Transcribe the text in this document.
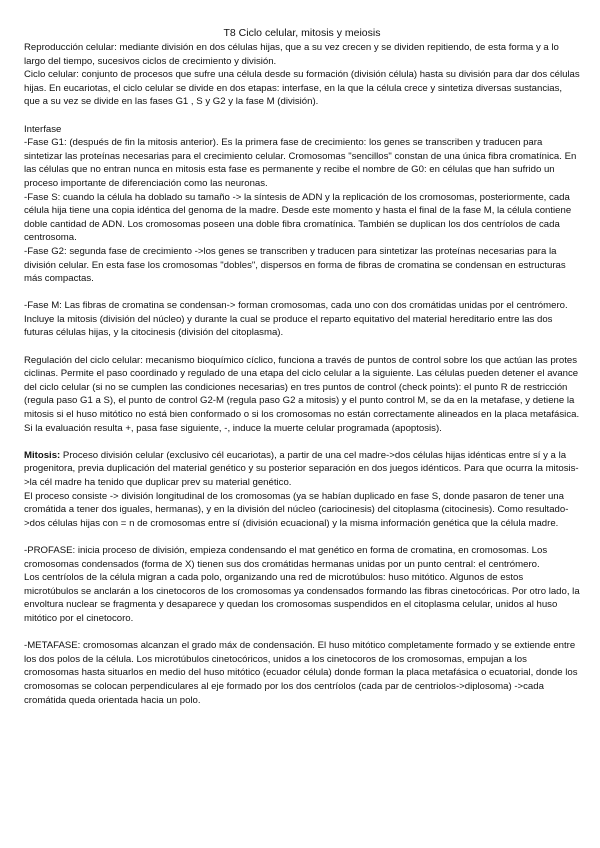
T8 Ciclo celular, mitosis y meiosis

Reproducción celular: mediante división en dos células hijas, que a su vez crecen y se dividen repitiendo, de esta forma y a lo largo del tiempo, sucesivos ciclos de crecimiento y división.

Ciclo celular: conjunto de procesos que sufre una célula desde su formación (división célula) hasta su división para dar dos células hijas. En eucariotas, el ciclo celular se divide en dos etapas: interfase, en la que la célula crece y sintetiza diversas sustancias, que a su vez se divide en las fases G1 , S y G2 y la fase M (división).

Interfase

-Fase G1: (después de fin la mitosis anterior). Es la primera fase de crecimiento: los genes se transcriben y traducen para sintetizar las proteínas necesarias para el crecimiento celular. Cromosomas "sencillos" constan de una única fibra cromatínica. En las células que no entran nunca en mitosis esta fase es permanente y recibe el nombre de G0: en células que han sufrido un proceso importante de diferenciación como las neuronas.

-Fase S: cuando la célula ha doblado su tamaño -> la síntesis de ADN y la replicación de los cromosomas, posteriormente, cada célula hija tiene una copia idéntica del genoma de la madre. Desde este momento y hasta el final de la fase M, la célula contiene doble cantidad de ADN. Los cromosomas poseen una doble fibra cromatínica. También se duplican los dos centríolos de cada centrosoma.

-Fase G2: segunda fase de crecimiento ->los genes se transcriben y traducen para sintetizar las proteínas necesarias para la división celular. En esta fase los cromosomas "dobles", dispersos en forma de fibras de cromatina se condensan en estructuras más compactas.

-Fase M: Las fibras de cromatina se condensan-> forman cromosomas, cada uno con dos cromátidas unidas por el centrómero. Incluye la mitosis (división del núcleo) y durante la cual se produce el reparto equitativo del material hereditario entre las dos futuras células hijas, y la citocinesis (división del citoplasma).

Regulación del ciclo celular: mecanismo bioquímico cíclico, funciona a través de puntos de control sobre los que actúan las protes ciclinas. Permite el paso coordinado y regulado de una etapa del ciclo celular a la siguiente. Las células pueden detener el avance del ciclo celular (si no se cumplen las condiciones necesarias) en tres puntos de control (check points): el punto R de restricción (regula paso G1 a S), el punto de control G2-M (regula paso G2 a mitosis) y el punto control M, se da en la metafase, y detiene la mitosis si el huso mitótico no está bien conformado o si los cromosomas no están correctamente alineados en la placa metafásica. Si la evaluación resulta +, pasa fase siguiente, -, induce la muerte celular programada (apoptosis).

Mitosis: Proceso división celular (exclusivo cél eucariotas), a partir de una cel madre->dos células hijas idénticas entre sí y a la progenitora, previa duplicación del material genético y su posterior separación en dos juegos idénticos. Para que ocurra la mitosis->la cél madre ha tenido que duplicar prev su material genético.

El proceso consiste -> división longitudinal de los cromosomas (ya se habían duplicado en fase S, donde pasaron de tener una cromátida a tener dos iguales, hermanas), y en la división del núcleo (cariocinesis) del citoplasma (citocinesis). Como resultado->dos células hijas con = n de cromosomas entre sí (división ecuacional) y la misma información genética que la célula madre.

-PROFASE: inicia proceso de división, empieza condensando el mat genético en forma de cromatina, en cromosomas. Los cromosomas condensados (forma de X) tienen sus dos cromátidas hermanas unidas por un punto central: el centrómero.

Los centríolos de la célula migran a cada polo, organizando una red de microtúbulos: huso mitótico. Algunos de estos microtúbulos se anclarán a los cinetocoros de los cromosomas ya condensados formando las fibras cinetocóricas. Por otro lado, la envoltura nuclear se fragmenta y desaparece y quedan los cromosomas suspendidos en el citoplasma celular, unidos al huso mitótico por el cinetocoro.

-METAFASE: cromosomas alcanzan el grado máx de condensación. El huso mitótico completamente formado y se extiende entre los dos polos de la célula. Los microtúbulos cinetocóricos, unidos a los cinetocoros de los cromosomas, empujan a los cromosomas hasta situarlos en medio del huso mitótico (ecuador célula) donde forman la placa metafásica o ecuatorial, donde los cromosomas se colocan perpendiculares al eje formado por los dos centríolos (cada par de centriolos->diplosoma) ->cada cromátida queda orientada hacia un polo.
